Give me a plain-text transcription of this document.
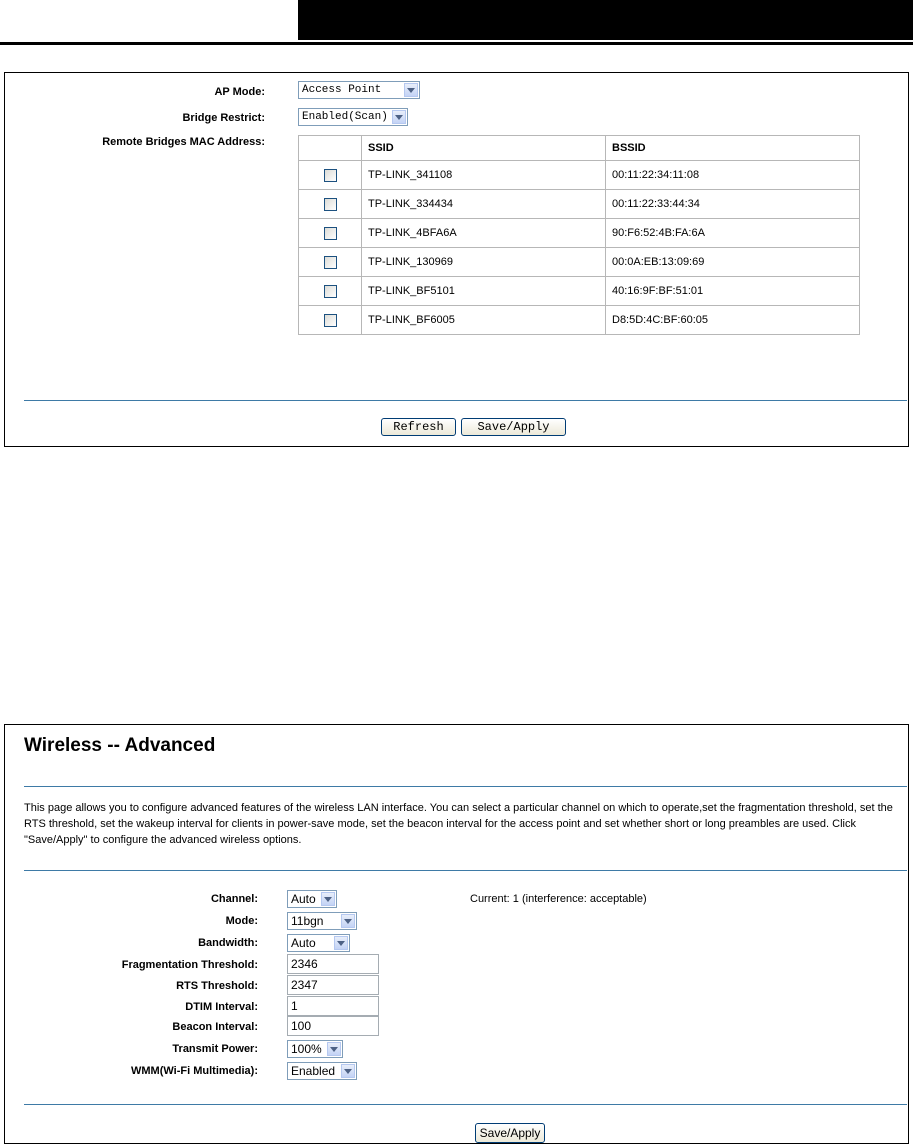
AP Mode:	Access Point
Bridge Restrict:	Enabled(Scan)
Remote Bridges MAC Address:
		SSID	BSSID
	TP-LINK_341108	00:11:22:34:11:08
	TP-LINK_334434	00:11:22:33:44:34
	TP-LINK_4BFA6A	90:F6:52:4B:FA:6A
	TP-LINK_130969	00:0A:EB:13:09:69
	TP-LINK_BF5101	40:16:9F:BF:51:01
	TP-LINK_BF6005	D8:5D:4C:BF:60:05
Refresh	Save/Apply
Wireless -- Advanced
This page allows you to configure advanced features of the wireless LAN interface. You can select a particular channel on which to operate,set the fragmentation threshold, set the RTS threshold, set the wakeup interval for clients in power-save mode, set the beacon interval for the access point and set whether short or long preambles are used. Click "Save/Apply" to configure the advanced wireless options.
Channel:	Auto	Current: 1 (interference: acceptable)
Mode:	11bgn
Bandwidth:	Auto
Fragmentation Threshold:	2346
RTS Threshold:	2347
DTIM Interval:	1
Beacon Interval:	100
Transmit Power:	100%
WMM(Wi-Fi Multimedia):	Enabled
Save/Apply
